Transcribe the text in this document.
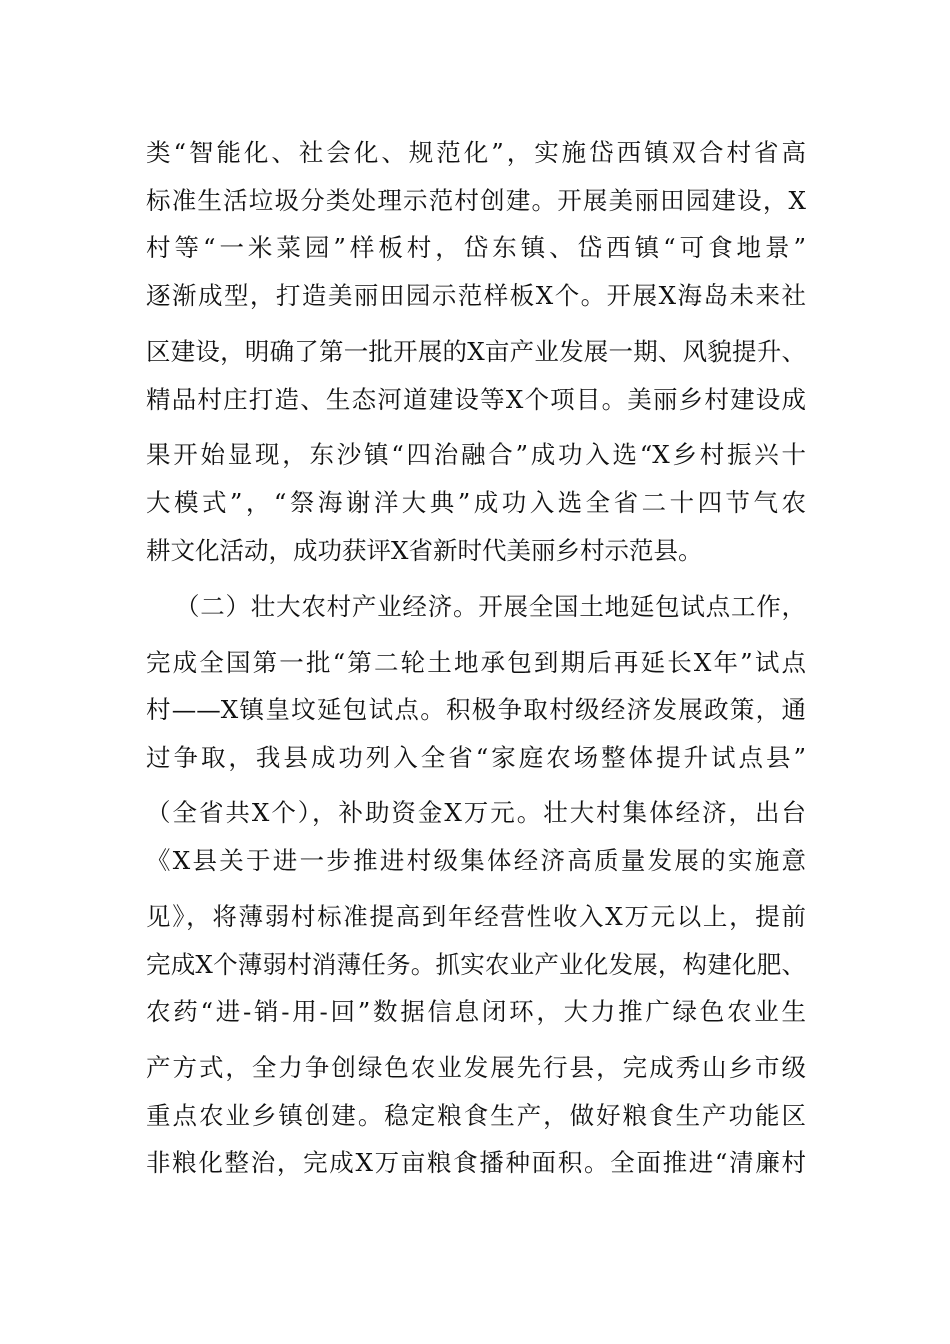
类“智能化、社会化、规范化”，实施岱西镇双合村省高
标准生活垃圾分类处理示范村创建。开展美丽田园建设，X
村等“一米菜园”样板村，岱东镇、岱西镇“可食地景”
逐渐成型，打造美丽田园示范样板X个。开展X海岛未来社
区建设，明确了第一批开展的X亩产业发展一期、风貌提升、
精品村庄打造、生态河道建设等X个项目。美丽乡村建设成
果开始显现，东沙镇“四治融合”成功入选“X乡村振兴十
大模式”，“祭海谢洋大典”成功入选全省二十四节气农
耕文化活动，成功获评X省新时代美丽乡村示范县。
（二）壮大农村产业经济。开展全国土地延包试点工作，
完成全国第一批“第二轮土地承包到期后再延长X年”试点
村——X镇皇坟延包试点。积极争取村级经济发展政策，通
过争取，我县成功列入全省“家庭农场整体提升试点县”
（全省共X个），补助资金X万元。壮大村集体经济，出台
《X县关于进一步推进村级集体经济高质量发展的实施意
见》，将薄弱村标准提高到年经营性收入X万元以上，提前
完成X个薄弱村消薄任务。抓实农业产业化发展，构建化肥、
农药“进-销-用-回”数据信息闭环，大力推广绿色农业生
产方式，全力争创绿色农业发展先行县，完成秀山乡市级
重点农业乡镇创建。稳定粮食生产，做好粮食生产功能区
非粮化整治，完成X万亩粮食播种面积。全面推进“清廉村
